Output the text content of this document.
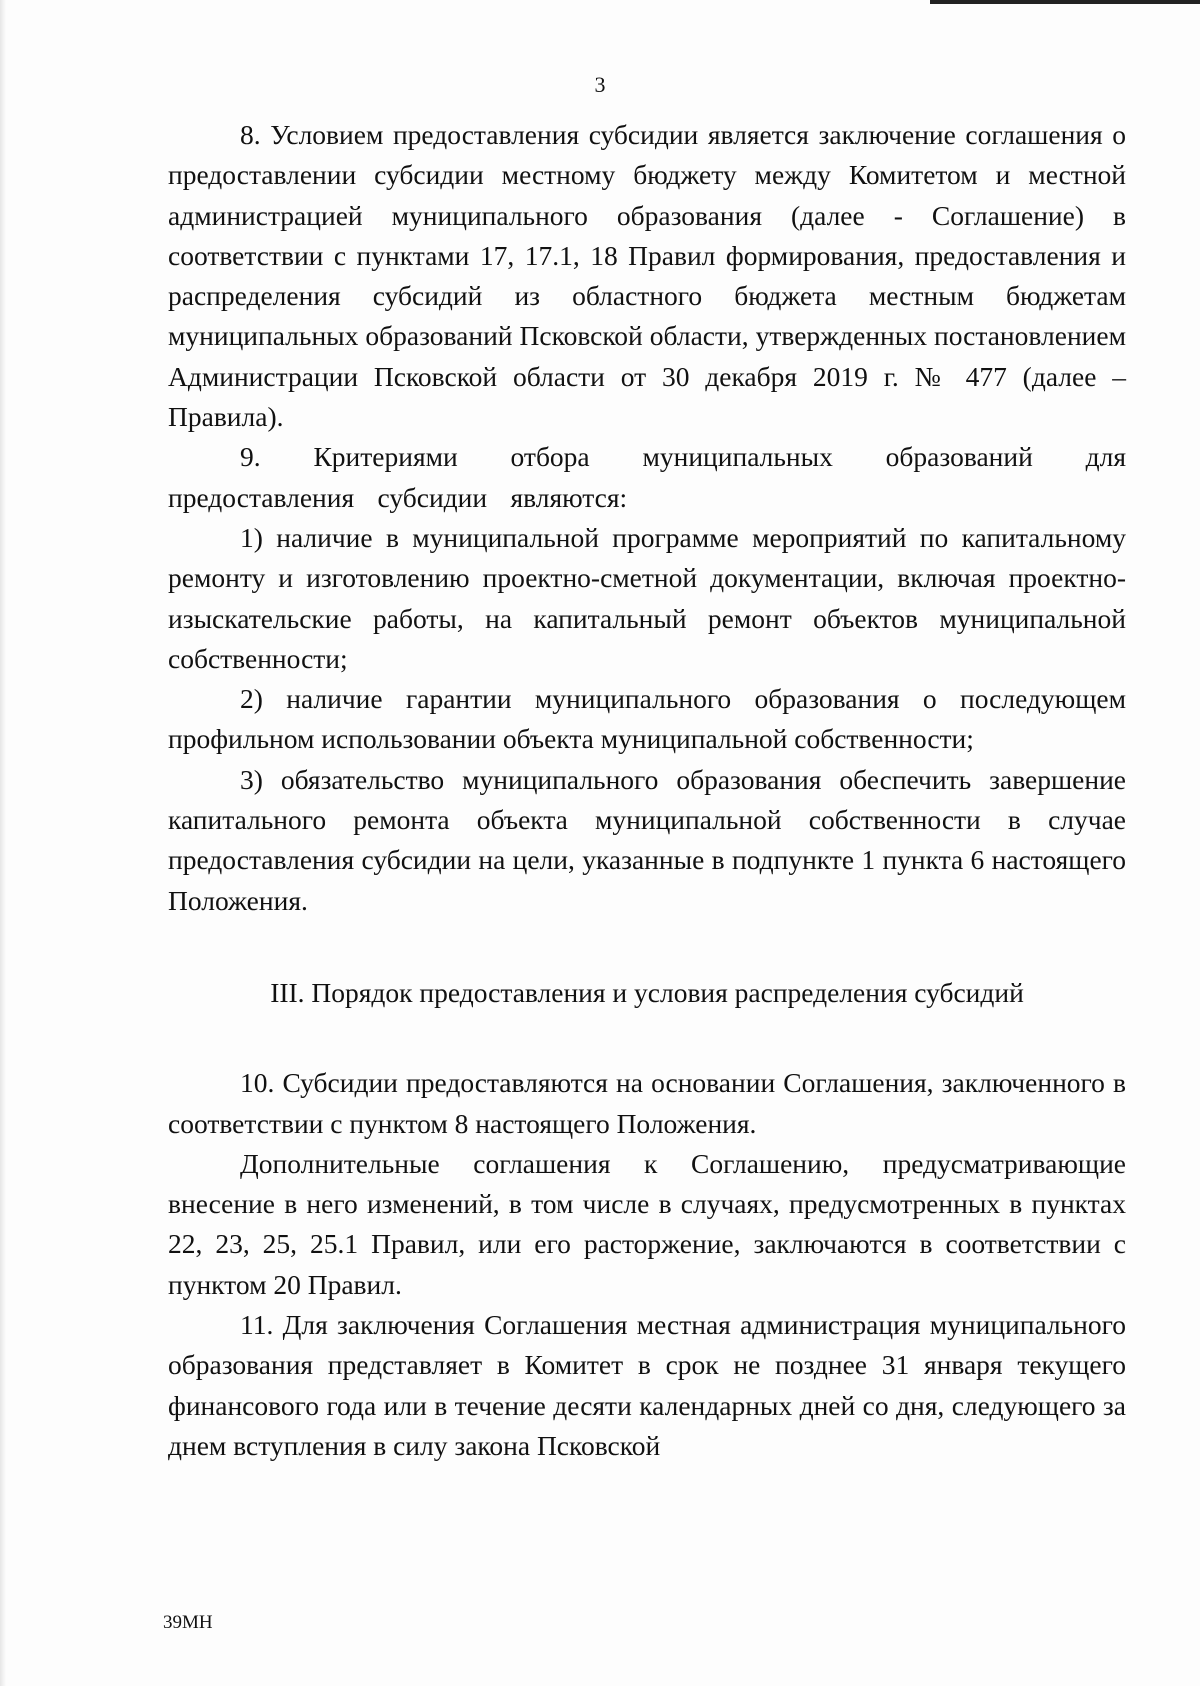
3

8. Условием предоставления субсидии является заключение соглашения о предоставлении субсидии местному бюджету между Комитетом и местной администрацией муниципального образования (далее - Соглашение) в соответствии с пунктами 17, 17.1, 18 Правил формирования, предоставления и распределения субсидий из областного бюджета местным бюджетам муниципальных образований Псковской области, утвержденных постановлением Администрации Псковской области от 30 декабря 2019 г. № 477 (далее – Правила).

9. Критериями отбора муниципальных образований для предоставления субсидии являются:

1) наличие в муниципальной программе мероприятий по капитальному ремонту и изготовлению проектно-сметной документации, включая проектно-изыскательские работы, на капитальный ремонт объектов муниципальной собственности;

2) наличие гарантии муниципального образования о последующем профильном использовании объекта муниципальной собственности;

3) обязательство муниципального образования обеспечить завершение капитального ремонта объекта муниципальной собственности в случае предоставления субсидии на цели, указанные в подпункте 1 пункта 6 настоящего Положения.

III. Порядок предоставления и условия распределения субсидий

10. Субсидии предоставляются на основании Соглашения, заключенного в соответствии с пунктом 8 настоящего Положения.

Дополнительные соглашения к Соглашению, предусматривающие внесение в него изменений, в том числе в случаях, предусмотренных в пунктах 22, 23, 25, 25.1 Правил, или его расторжение, заключаются в соответствии с пунктом 20 Правил.

11. Для заключения Соглашения местная администрация муниципального образования представляет в Комитет в срок не позднее 31 января текущего финансового года или в течение десяти календарных дней со дня, следующего за днем вступления в силу закона Псковской

39МН
